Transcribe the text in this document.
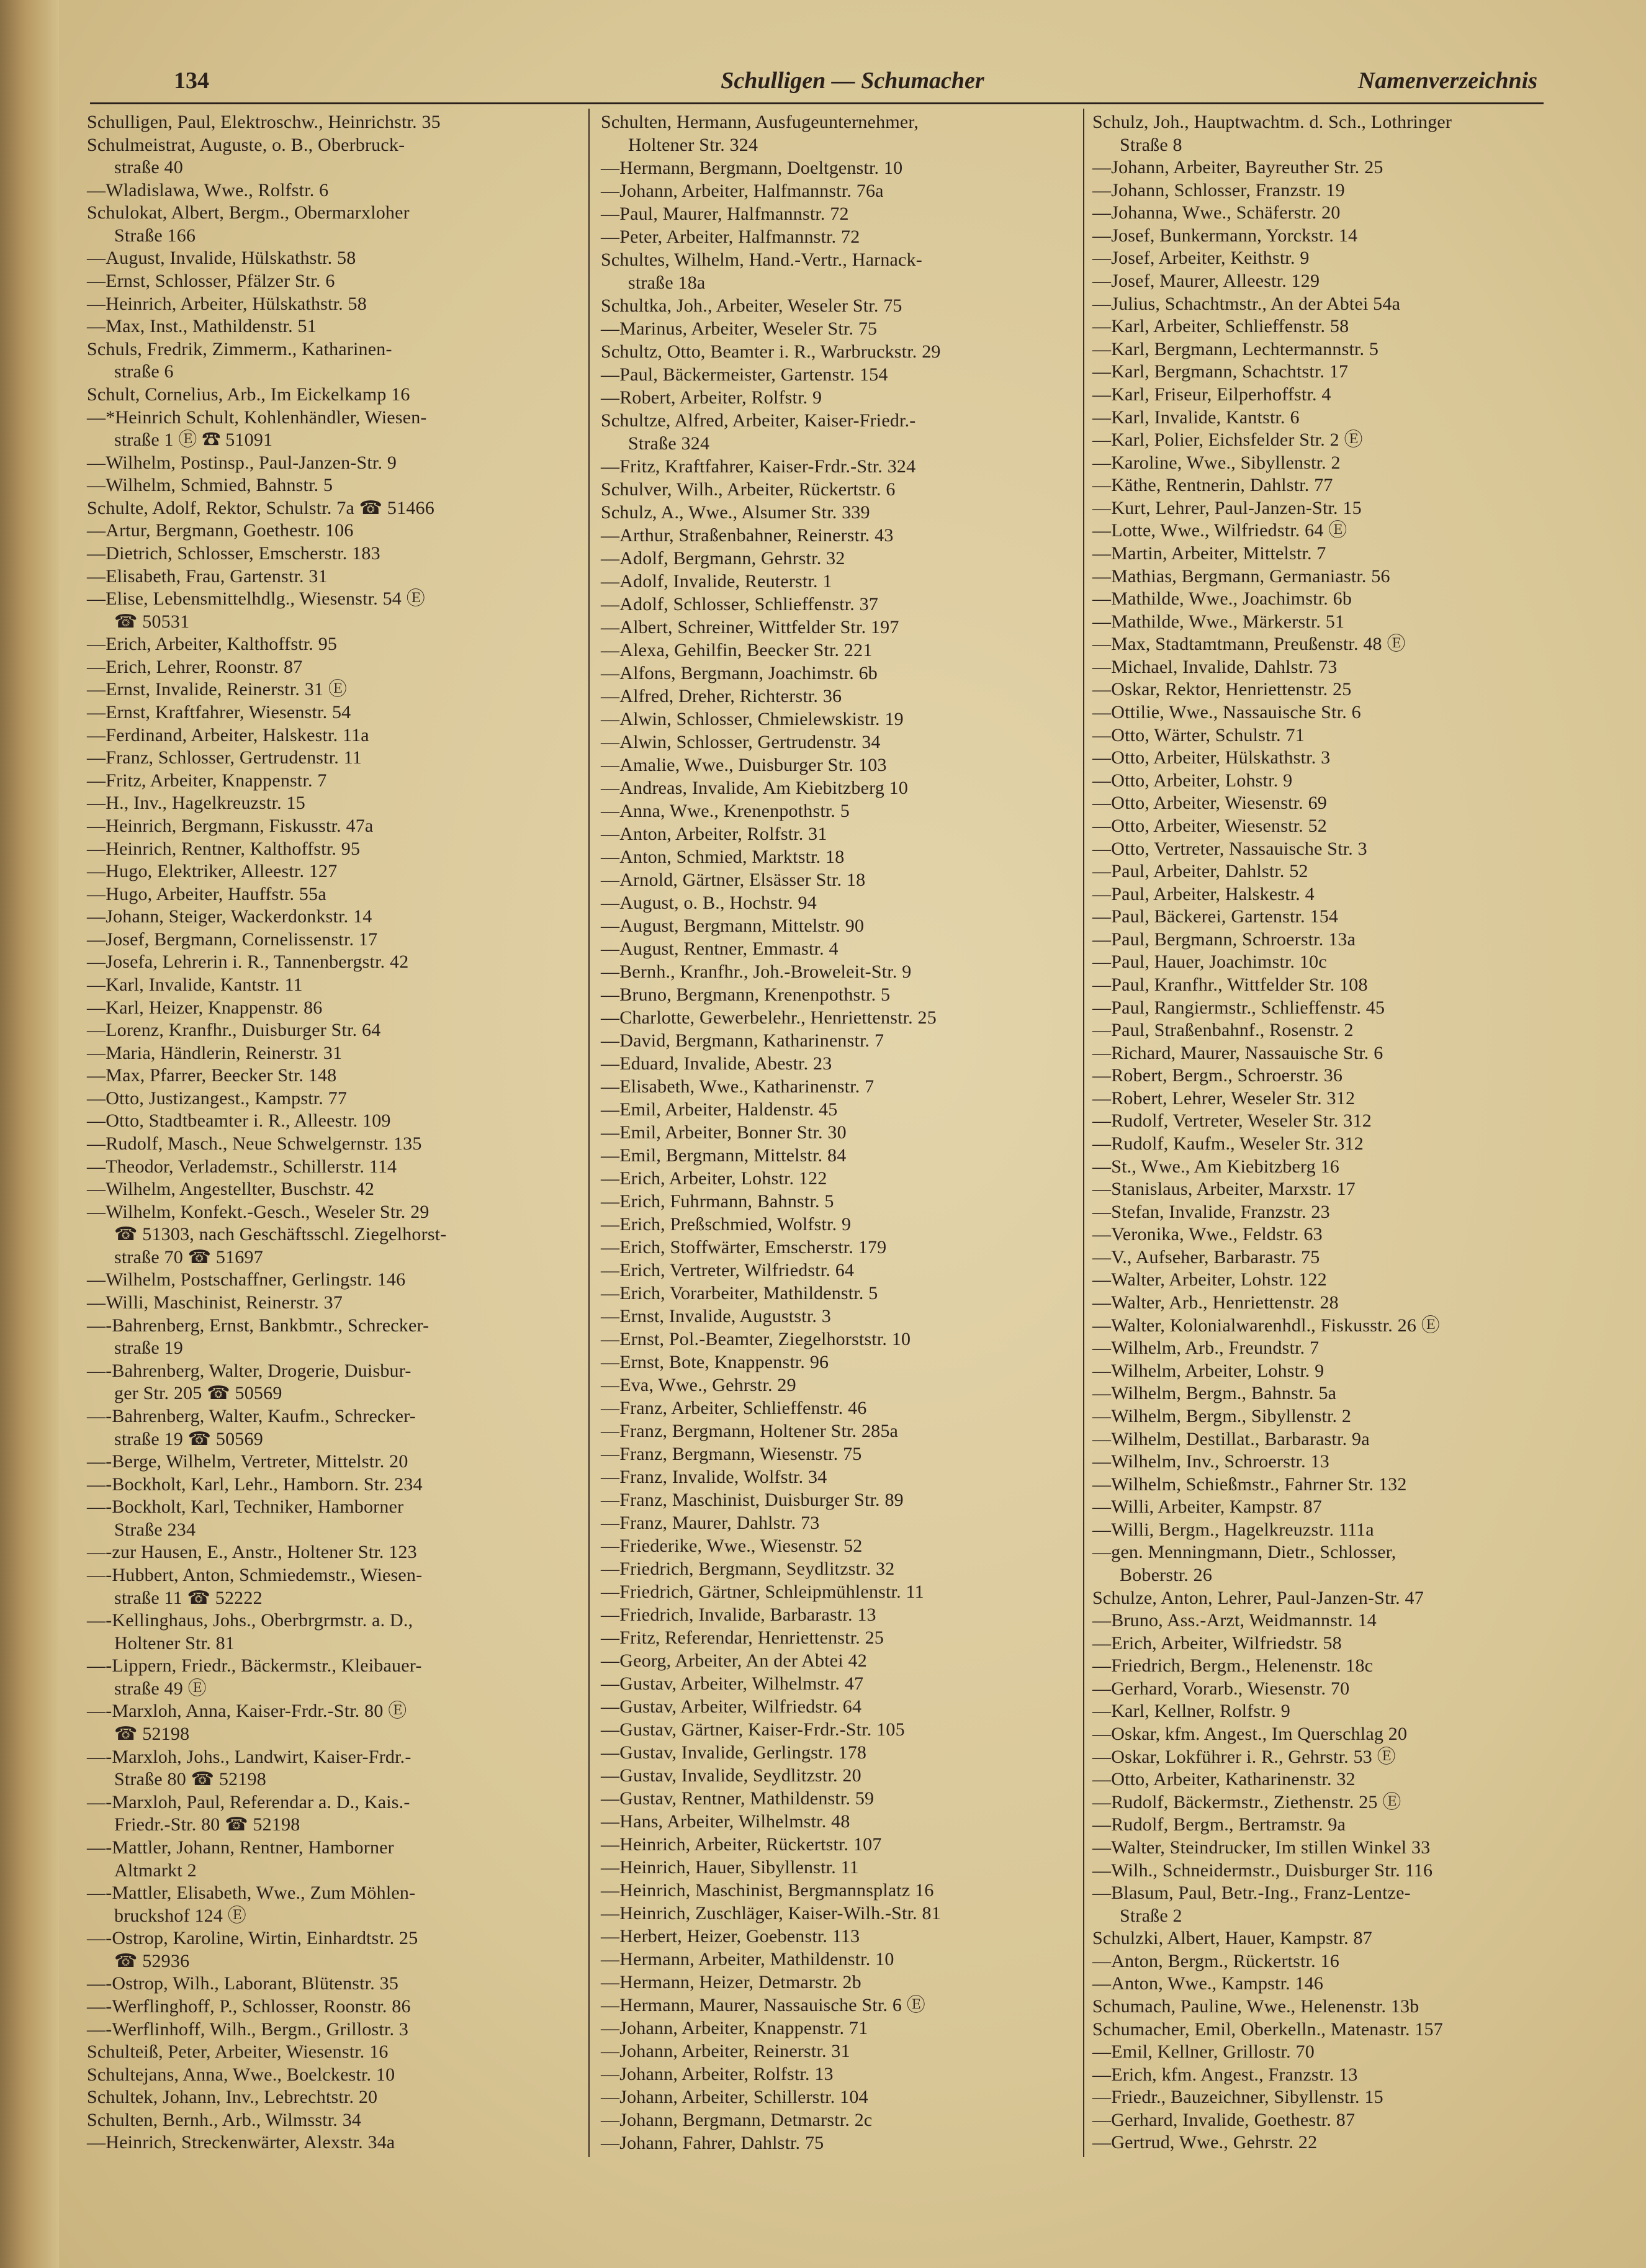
134	Schulligen — Schumacher	Namenverzeichnis
Schulligen, Paul, Elektroschw., Heinrichstr. 35
Schulmeistrat, Auguste, o. B., Oberbruck-
straße 40
—Wladislawa, Wwe., Rolfstr. 6
Schulokat, Albert, Bergm., Obermarxloher
Straße 166
—August, Invalide, Hülskathstr. 58
—Ernst, Schlosser, Pfälzer Str. 6
—Heinrich, Arbeiter, Hülskathstr. 58
—Max, Inst., Mathildenstr. 51
Schuls, Fredrik, Zimmerm., Katharinen-
straße 6
Schult, Cornelius, Arb., Im Eickelkamp 16
—*Heinrich Schult, Kohlenhändler, Wiesen-
straße 1 Ⓔ ☎ 51091
—Wilhelm, Postinsp., Paul-Janzen-Str. 9
—Wilhelm, Schmied, Bahnstr. 5
Schulte, Adolf, Rektor, Schulstr. 7a ☎ 51466
—Artur, Bergmann, Goethestr. 106
—Dietrich, Schlosser, Emscherstr. 183
—Elisabeth, Frau, Gartenstr. 31
—Elise, Lebensmittelhdlg., Wiesenstr. 54 Ⓔ
☎ 50531
—Erich, Arbeiter, Kalthoffstr. 95
—Erich, Lehrer, Roonstr. 87
—Ernst, Invalide, Reinerstr. 31 Ⓔ
—Ernst, Kraftfahrer, Wiesenstr. 54
—Ferdinand, Arbeiter, Halskestr. 11a
—Franz, Schlosser, Gertrudenstr. 11
—Fritz, Arbeiter, Knappenstr. 7
—H., Inv., Hagelkreuzstr. 15
—Heinrich, Bergmann, Fiskusstr. 47a
—Heinrich, Rentner, Kalthoffstr. 95
—Hugo, Elektriker, Alleestr. 127
—Hugo, Arbeiter, Hauffstr. 55a
—Johann, Steiger, Wackerdonkstr. 14
—Josef, Bergmann, Cornelissenstr. 17
—Josefa, Lehrerin i. R., Tannenbergstr. 42
—Karl, Invalide, Kantstr. 11
—Karl, Heizer, Knappenstr. 86
—Lorenz, Kranfhr., Duisburger Str. 64
—Maria, Händlerin, Reinerstr. 31
—Max, Pfarrer, Beecker Str. 148
—Otto, Justizangest., Kampstr. 77
—Otto, Stadtbeamter i. R., Alleestr. 109
—Rudolf, Masch., Neue Schwelgernstr. 135
—Theodor, Verlademstr., Schillerstr. 114
—Wilhelm, Angestellter, Buschstr. 42
—Wilhelm, Konfekt.-Gesch., Weseler Str. 29
☎ 51303, nach Geschäftsschl. Ziegelhorst-
straße 70 ☎ 51697
—Wilhelm, Postschaffner, Gerlingstr. 146
—Willi, Maschinist, Reinerstr. 37
—-Bahrenberg, Ernst, Bankbmtr., Schrecker-
straße 19
—-Bahrenberg, Walter, Drogerie, Duisbur-
ger Str. 205 ☎ 50569
—-Bahrenberg, Walter, Kaufm., Schrecker-
straße 19 ☎ 50569
—-Berge, Wilhelm, Vertreter, Mittelstr. 20
—-Bockholt, Karl, Lehr., Hamborn. Str. 234
—-Bockholt, Karl, Techniker, Hamborner
Straße 234
—-zur Hausen, E., Anstr., Holtener Str. 123
—-Hubbert, Anton, Schmiedemstr., Wiesen-
straße 11 ☎ 52222
—-Kellinghaus, Johs., Oberbrgrmstr. a. D.,
Holtener Str. 81
—-Lippern, Friedr., Bäckermstr., Kleibauer-
straße 49 Ⓔ
—-Marxloh, Anna, Kaiser-Frdr.-Str. 80 Ⓔ
☎ 52198
—-Marxloh, Johs., Landwirt, Kaiser-Frdr.-
Straße 80 ☎ 52198
—-Marxloh, Paul, Referendar a. D., Kais.-
Friedr.-Str. 80 ☎ 52198
—-Mattler, Johann, Rentner, Hamborner
Altmarkt 2
—-Mattler, Elisabeth, Wwe., Zum Möhlen-
bruckshof 124 Ⓔ
—-Ostrop, Karoline, Wirtin, Einhardtstr. 25
☎ 52936
—-Ostrop, Wilh., Laborant, Blütenstr. 35
—-Werflinghoff, P., Schlosser, Roonstr. 86
—-Werflinhoff, Wilh., Bergm., Grillostr. 3
Schulteiß, Peter, Arbeiter, Wiesenstr. 16
Schultejans, Anna, Wwe., Boelckestr. 10
Schultek, Johann, Inv., Lebrechtstr. 20
Schulten, Bernh., Arb., Wilmsstr. 34
—Heinrich, Streckenwärter, Alexstr. 34a
Schulten, Hermann, Ausfugeunternehmer,
Holtener Str. 324
—Hermann, Bergmann, Doeltgenstr. 10
—Johann, Arbeiter, Halfmannstr. 76a
—Paul, Maurer, Halfmannstr. 72
—Peter, Arbeiter, Halfmannstr. 72
Schultes, Wilhelm, Hand.-Vertr., Harnack-
straße 18a
Schultka, Joh., Arbeiter, Weseler Str. 75
—Marinus, Arbeiter, Weseler Str. 75
Schultz, Otto, Beamter i. R., Warbruckstr. 29
—Paul, Bäckermeister, Gartenstr. 154
—Robert, Arbeiter, Rolfstr. 9
Schultze, Alfred, Arbeiter, Kaiser-Friedr.-
Straße 324
—Fritz, Kraftfahrer, Kaiser-Frdr.-Str. 324
Schulver, Wilh., Arbeiter, Rückertstr. 6
Schulz, A., Wwe., Alsumer Str. 339
—Arthur, Straßenbahner, Reinerstr. 43
—Adolf, Bergmann, Gehrstr. 32
—Adolf, Invalide, Reuterstr. 1
—Adolf, Schlosser, Schlieffenstr. 37
—Albert, Schreiner, Wittfelder Str. 197
—Alexa, Gehilfin, Beecker Str. 221
—Alfons, Bergmann, Joachimstr. 6b
—Alfred, Dreher, Richterstr. 36
—Alwin, Schlosser, Chmielewskistr. 19
—Alwin, Schlosser, Gertrudenstr. 34
—Amalie, Wwe., Duisburger Str. 103
—Andreas, Invalide, Am Kiebitzberg 10
—Anna, Wwe., Krenenpothstr. 5
—Anton, Arbeiter, Rolfstr. 31
—Anton, Schmied, Marktstr. 18
—Arnold, Gärtner, Elsässer Str. 18
—August, o. B., Hochstr. 94
—August, Bergmann, Mittelstr. 90
—August, Rentner, Emmastr. 4
—Bernh., Kranfhr., Joh.-Broweleit-Str. 9
—Bruno, Bergmann, Krenenpothstr. 5
—Charlotte, Gewerbelehr., Henriettenstr. 25
—David, Bergmann, Katharinenstr. 7
—Eduard, Invalide, Abestr. 23
—Elisabeth, Wwe., Katharinenstr. 7
—Emil, Arbeiter, Haldenstr. 45
—Emil, Arbeiter, Bonner Str. 30
—Emil, Bergmann, Mittelstr. 84
—Erich, Arbeiter, Lohstr. 122
—Erich, Fuhrmann, Bahnstr. 5
—Erich, Preßschmied, Wolfstr. 9
—Erich, Stoffwärter, Emscherstr. 179
—Erich, Vertreter, Wilfriedstr. 64
—Erich, Vorarbeiter, Mathildenstr. 5
—Ernst, Invalide, Auguststr. 3
—Ernst, Pol.-Beamter, Ziegelhorststr. 10
—Ernst, Bote, Knappenstr. 96
—Eva, Wwe., Gehrstr. 29
—Franz, Arbeiter, Schlieffenstr. 46
—Franz, Bergmann, Holtener Str. 285a
—Franz, Bergmann, Wiesenstr. 75
—Franz, Invalide, Wolfstr. 34
—Franz, Maschinist, Duisburger Str. 89
—Franz, Maurer, Dahlstr. 73
—Friederike, Wwe., Wiesenstr. 52
—Friedrich, Bergmann, Seydlitzstr. 32
—Friedrich, Gärtner, Schleipmühlenstr. 11
—Friedrich, Invalide, Barbarastr. 13
—Fritz, Referendar, Henriettenstr. 25
—Georg, Arbeiter, An der Abtei 42
—Gustav, Arbeiter, Wilhelmstr. 47
—Gustav, Arbeiter, Wilfriedstr. 64
—Gustav, Gärtner, Kaiser-Frdr.-Str. 105
—Gustav, Invalide, Gerlingstr. 178
—Gustav, Invalide, Seydlitzstr. 20
—Gustav, Rentner, Mathildenstr. 59
—Hans, Arbeiter, Wilhelmstr. 48
—Heinrich, Arbeiter, Rückertstr. 107
—Heinrich, Hauer, Sibyllenstr. 11
—Heinrich, Maschinist, Bergmannsplatz 16
—Heinrich, Zuschläger, Kaiser-Wilh.-Str. 81
—Herbert, Heizer, Goebenstr. 113
—Hermann, Arbeiter, Mathildenstr. 10
—Hermann, Heizer, Detmarstr. 2b
—Hermann, Maurer, Nassauische Str. 6 Ⓔ
—Johann, Arbeiter, Knappenstr. 71
—Johann, Arbeiter, Reinerstr. 31
—Johann, Arbeiter, Rolfstr. 13
—Johann, Arbeiter, Schillerstr. 104
—Johann, Bergmann, Detmarstr. 2c
—Johann, Fahrer, Dahlstr. 75
Schulz, Joh., Hauptwachtm. d. Sch., Lothringer
Straße 8
—Johann, Arbeiter, Bayreuther Str. 25
—Johann, Schlosser, Franzstr. 19
—Johanna, Wwe., Schäferstr. 20
—Josef, Bunkermann, Yorckstr. 14
—Josef, Arbeiter, Keithstr. 9
—Josef, Maurer, Alleestr. 129
—Julius, Schachtmstr., An der Abtei 54a
—Karl, Arbeiter, Schlieffenstr. 58
—Karl, Bergmann, Lechtermannstr. 5
—Karl, Bergmann, Schachtstr. 17
—Karl, Friseur, Eilperhoffstr. 4
—Karl, Invalide, Kantstr. 6
—Karl, Polier, Eichsfelder Str. 2 Ⓔ
—Karoline, Wwe., Sibyllenstr. 2
—Käthe, Rentnerin, Dahlstr. 77
—Kurt, Lehrer, Paul-Janzen-Str. 15
—Lotte, Wwe., Wilfriedstr. 64 Ⓔ
—Martin, Arbeiter, Mittelstr. 7
—Mathias, Bergmann, Germaniastr. 56
—Mathilde, Wwe., Joachimstr. 6b
—Mathilde, Wwe., Märkerstr. 51
—Max, Stadtamtmann, Preußenstr. 48 Ⓔ
—Michael, Invalide, Dahlstr. 73
—Oskar, Rektor, Henriettenstr. 25
—Ottilie, Wwe., Nassauische Str. 6
—Otto, Wärter, Schulstr. 71
—Otto, Arbeiter, Hülskathstr. 3
—Otto, Arbeiter, Lohstr. 9
—Otto, Arbeiter, Wiesenstr. 69
—Otto, Arbeiter, Wiesenstr. 52
—Otto, Vertreter, Nassauische Str. 3
—Paul, Arbeiter, Dahlstr. 52
—Paul, Arbeiter, Halskestr. 4
—Paul, Bäckerei, Gartenstr. 154
—Paul, Bergmann, Schroerstr. 13a
—Paul, Hauer, Joachimstr. 10c
—Paul, Kranfhr., Wittfelder Str. 108
—Paul, Rangiermstr., Schlieffenstr. 45
—Paul, Straßenbahnf., Rosenstr. 2
—Richard, Maurer, Nassauische Str. 6
—Robert, Bergm., Schroerstr. 36
—Robert, Lehrer, Weseler Str. 312
—Rudolf, Vertreter, Weseler Str. 312
—Rudolf, Kaufm., Weseler Str. 312
—St., Wwe., Am Kiebitzberg 16
—Stanislaus, Arbeiter, Marxstr. 17
—Stefan, Invalide, Franzstr. 23
—Veronika, Wwe., Feldstr. 63
—V., Aufseher, Barbarastr. 75
—Walter, Arbeiter, Lohstr. 122
—Walter, Arb., Henriettenstr. 28
—Walter, Kolonialwarenhdl., Fiskusstr. 26 Ⓔ
—Wilhelm, Arb., Freundstr. 7
—Wilhelm, Arbeiter, Lohstr. 9
—Wilhelm, Bergm., Bahnstr. 5a
—Wilhelm, Bergm., Sibyllenstr. 2
—Wilhelm, Destillat., Barbarastr. 9a
—Wilhelm, Inv., Schroerstr. 13
—Wilhelm, Schießmstr., Fahrner Str. 132
—Willi, Arbeiter, Kampstr. 87
—Willi, Bergm., Hagelkreuzstr. 111a
—gen. Menningmann, Dietr., Schlosser,
Boberstr. 26
Schulze, Anton, Lehrer, Paul-Janzen-Str. 47
—Bruno, Ass.-Arzt, Weidmannstr. 14
—Erich, Arbeiter, Wilfriedstr. 58
—Friedrich, Bergm., Helenenstr. 18c
—Gerhard, Vorarb., Wiesenstr. 70
—Karl, Kellner, Rolfstr. 9
—Oskar, kfm. Angest., Im Querschlag 20
—Oskar, Lokführer i. R., Gehrstr. 53 Ⓔ
—Otto, Arbeiter, Katharinenstr. 32
—Rudolf, Bäckermstr., Ziethenstr. 25 Ⓔ
—Rudolf, Bergm., Bertramstr. 9a
—Walter, Steindrucker, Im stillen Winkel 33
—Wilh., Schneidermstr., Duisburger Str. 116
—Blasum, Paul, Betr.-Ing., Franz-Lentze-
Straße 2
Schulzki, Albert, Hauer, Kampstr. 87
—Anton, Bergm., Rückertstr. 16
—Anton, Wwe., Kampstr. 146
Schumach, Pauline, Wwe., Helenenstr. 13b
Schumacher, Emil, Oberkelln., Matenastr. 157
—Emil, Kellner, Grillostr. 70
—Erich, kfm. Angest., Franzstr. 13
—Friedr., Bauzeichner, Sibyllenstr. 15
—Gerhard, Invalide, Goethestr. 87
—Gertrud, Wwe., Gehrstr. 22
